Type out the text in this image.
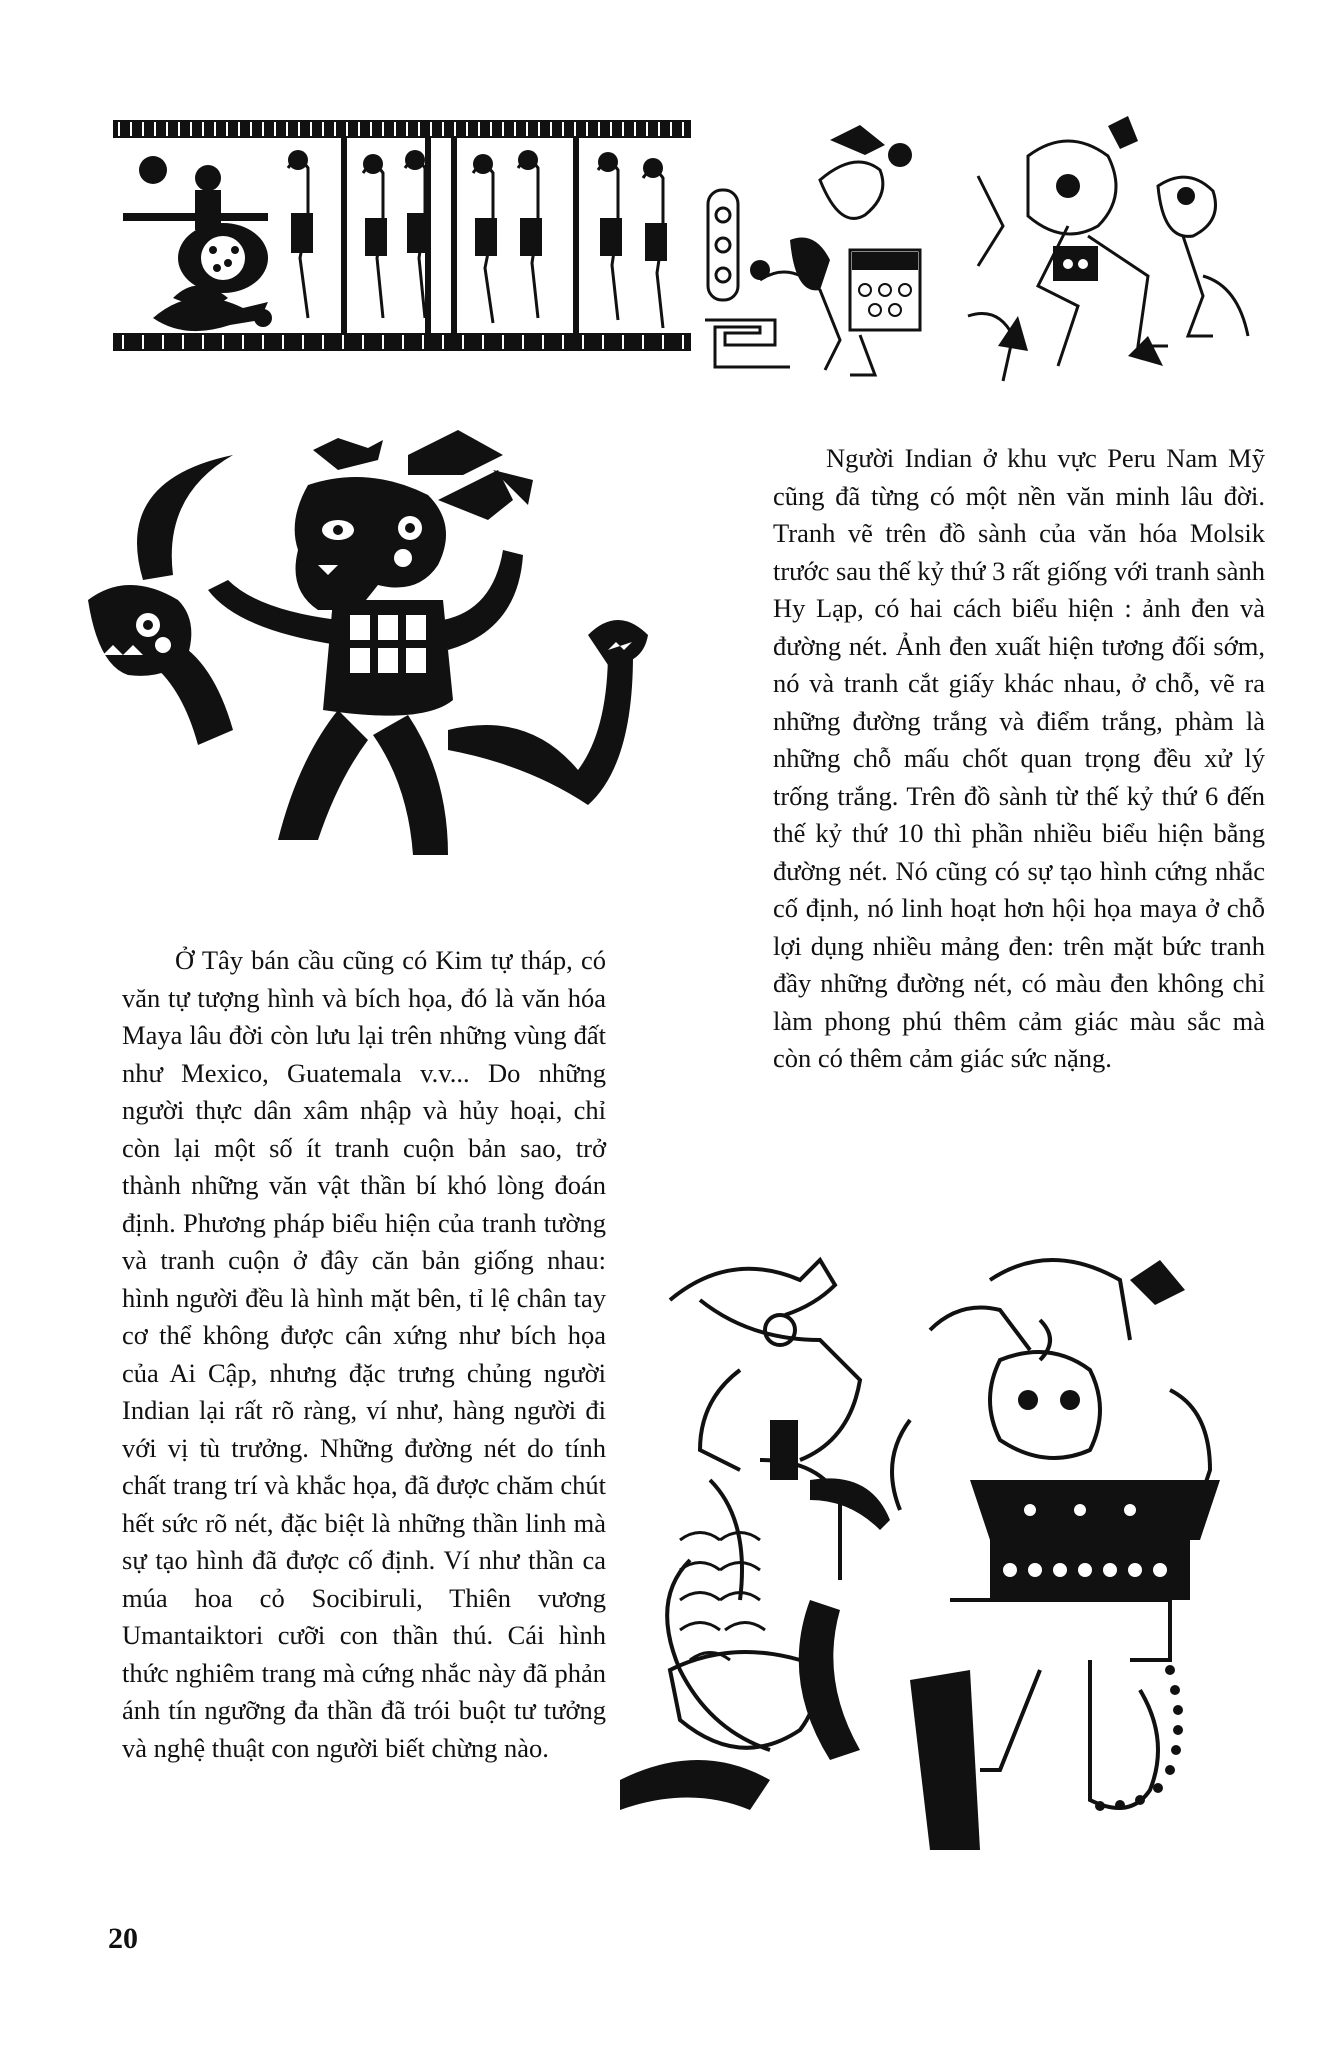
Người Indian ở khu vực Peru Nam Mỹ cũng đã từng có một nền văn minh lâu đời. Tranh vẽ trên đồ sành của văn hóa Molsik trước sau thế kỷ thứ 3 rất giống với tranh sành Hy Lạp, có hai cách biểu hiện : ảnh đen và đường nét. Ảnh đen xuất hiện tương đối sớm, nó và tranh cắt giấy khác nhau, ở chỗ, vẽ ra những đường trắng và điểm trắng, phàm là những chỗ mấu chốt quan trọng đều xử lý trống trắng. Trên đồ sành từ thế kỷ thứ 6 đến thế kỷ thứ 10 thì phần nhiều biểu hiện bằng đường nét. Nó cũng có sự tạo hình cứng nhắc cố định, nó linh hoạt hơn hội họa maya ở chỗ lợi dụng nhiều mảng đen: trên mặt bức tranh đầy những đường nét, có màu đen không chỉ làm phong phú thêm cảm giác màu sắc mà còn có thêm cảm giác sức nặng.

Ở Tây bán cầu cũng có Kim tự tháp, có văn tự tượng hình và bích họa, đó là văn hóa Maya lâu đời còn lưu lại trên những vùng đất như Mexico, Guatemala v.v... Do những người thực dân xâm nhập và hủy hoại, chỉ còn lại một số ít tranh cuộn bản sao, trở thành những văn vật thần bí khó lòng đoán định. Phương pháp biểu hiện của tranh tường và tranh cuộn ở đây căn bản giống nhau: hình người đều là hình mặt bên, tỉ lệ chân tay cơ thể không được cân xứng như bích họa của Ai Cập, nhưng đặc trưng chủng người Indian lại rất rõ ràng, ví như, hàng người đi với vị tù trưởng. Những đường nét do tính chất trang trí và khắc họa, đã được chăm chút hết sức rõ nét, đặc biệt là những thần linh mà sự tạo hình đã được cố định. Ví như thần ca múa hoa cỏ Socibiruli, Thiên vương Umantaiktori cưỡi con thần thú. Cái hình thức nghiêm trang mà cứng nhắc này đã phản ánh tín ngưỡng đa thần đã trói buột tư tưởng và nghệ thuật con người biết chừng nào.

20
